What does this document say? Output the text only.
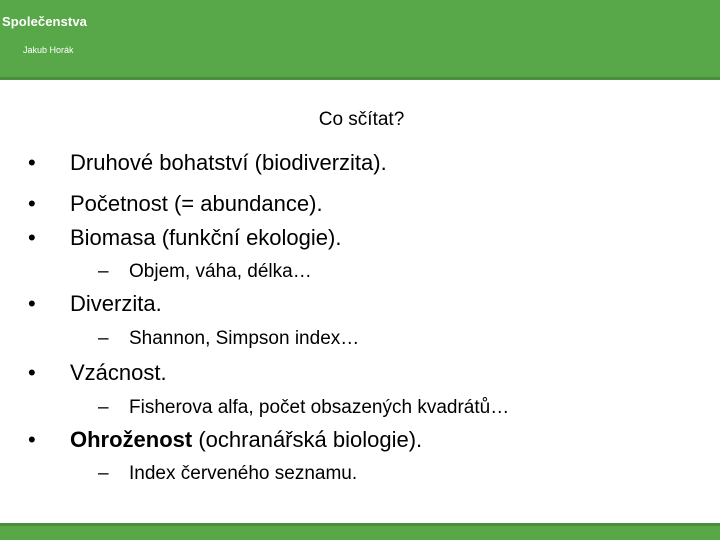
Společenstva
Jakub Horák
Co sčítat?
• Druhové bohatství (biodiverzita).
• Početnost (= abundance).
• Biomasa (funkční ekologie).
– Objem, váha, délka…
• Diverzita.
– Shannon, Simpson index…
• Vzácnost.
– Fisherova alfa, počet obsazených kvadrátů…
• Ohroženost (ochranářská biologie).
– Index červeného seznamu.
